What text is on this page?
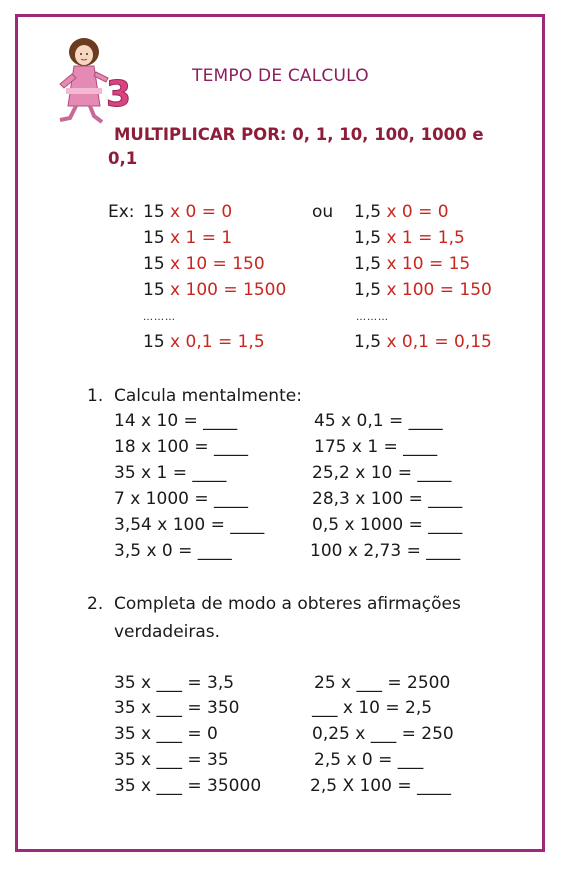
3	TEMPO DE CALCULO
MULTIPLICAR POR: 0, 1, 10, 100, 1000 e
0,1
Ex:	ou
15 x 0 = 0
15 x 1 = 1
15 x 10 = 150
15 x 100 = 1500
………
15 x 0,1 = 1,5
1,5 x 0 = 0
1,5 x 1 = 1,5
1,5 x 10 = 15
1,5 x 100 = 150
………
1,5 x 0,1 = 0,15
1. Calcula mentalmente:
14 x 10 = ____
18 x 100 = ____
35 x 1 = ____
7 x 1000 = ____
3,54 x 100 = ____
3,5 x 0 = ____
45 x 0,1 = ____
175 x 1 = ____
25,2 x 10 = ____
28,3 x 100 = ____
0,5 x 1000 = ____
100 x 2,73 = ____
2. Completa de modo a obteres afirmações
verdadeiras.
35 x ___ = 3,5
35 x ___ = 350
35 x ___ = 0
35 x ___ = 35
35 x ___ = 35000
25 x ___ = 2500
___ x 10 = 2,5
0,25 x ___ = 250
2,5 x 0 = ___
2,5 X 100 = ____
